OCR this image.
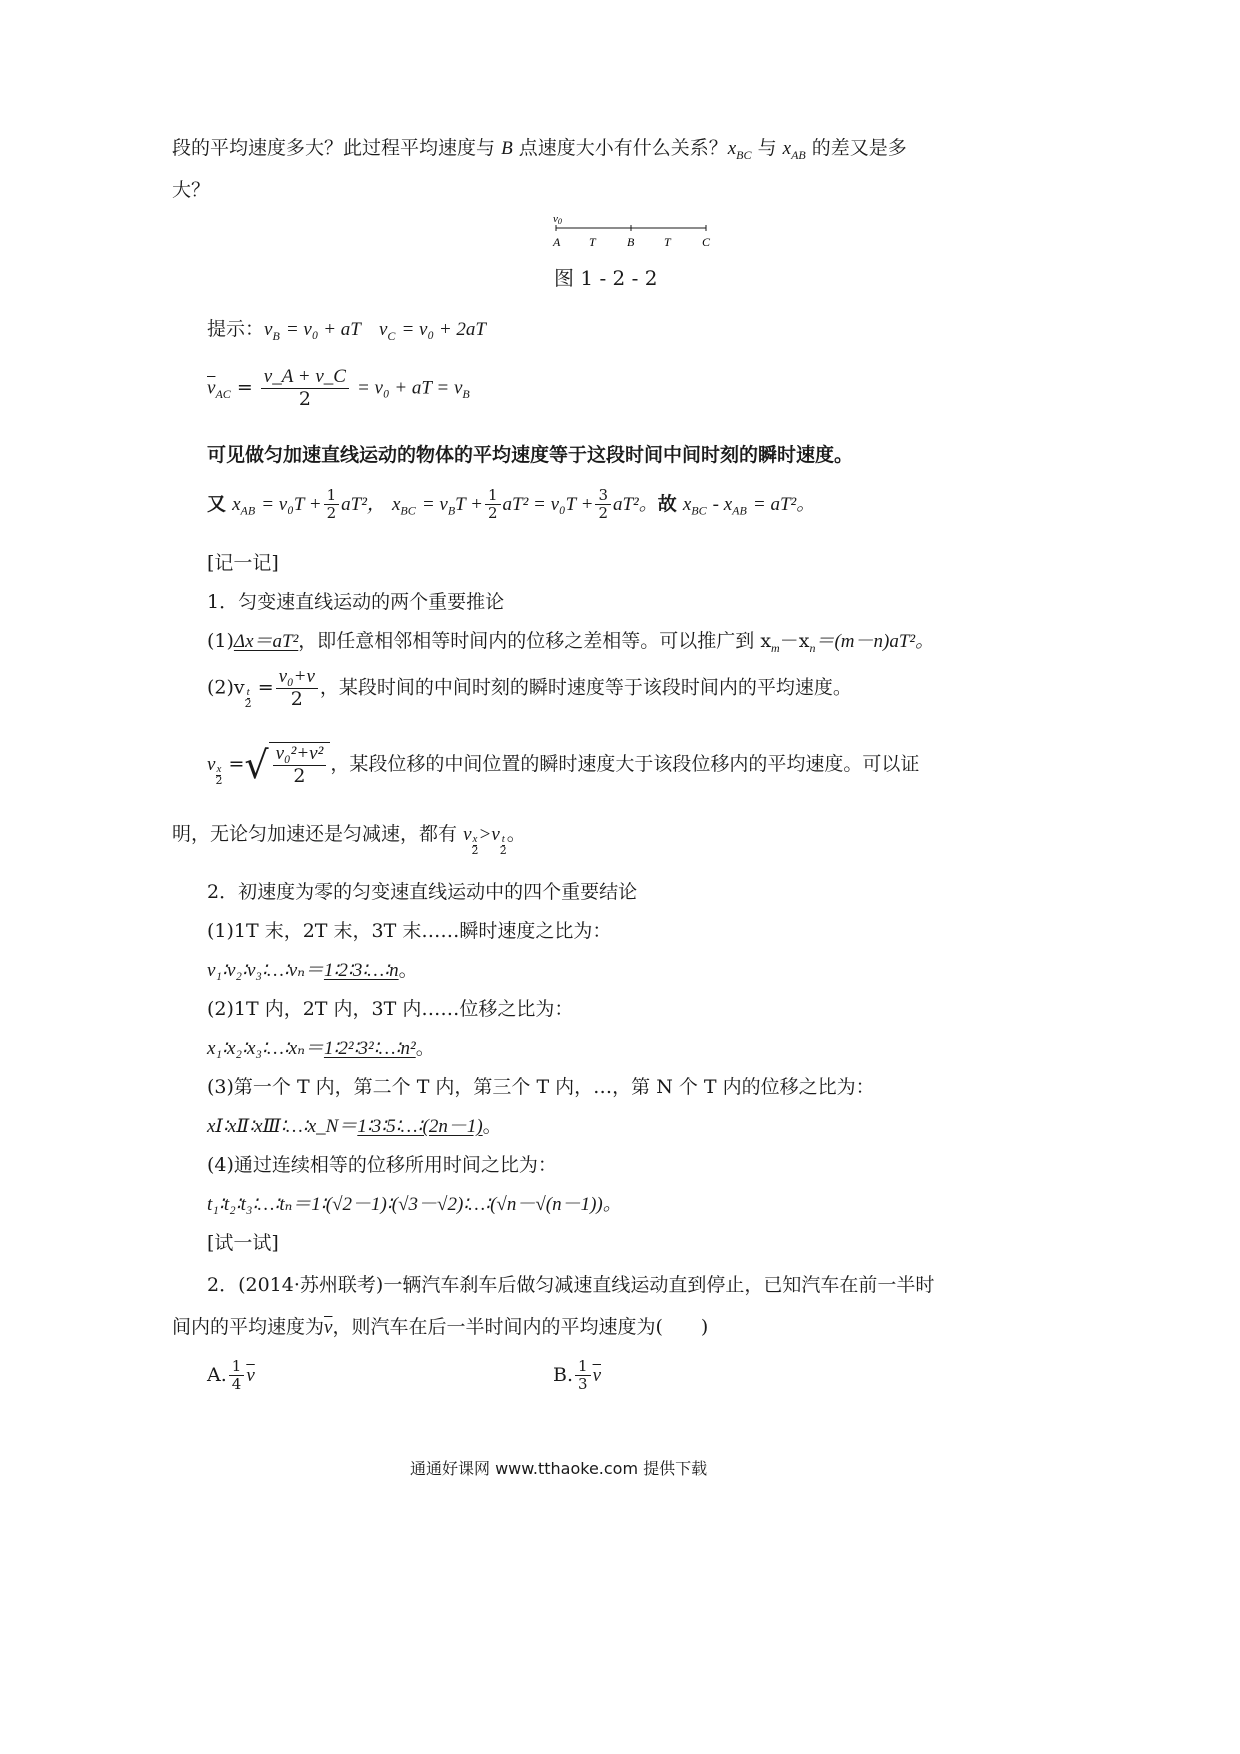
段的平均速度多大？此过程平均速度与 B 点速度大小有什么关系？$x_{BC}$ 与 $x_{AB}$ 的差又是多
大？
v0
A T	B T	C
图 1 - 2 - 2
提示：$v_B = v_0$ + aT $v_C = v_0 + 2aT$
$\overline{v}_{AC} = \frac{v\_A + v\_C}{2} = v_0$ + aT = $v_B$
可见做匀加速直线运动的物体的平均速度等于这段时间中间时刻的瞬时速度。
又 $x_{AB} = v_0T + \frac{1}{2} aT^2$， $x_{BC} = v_BT + \frac{1}{2} aT^2 = v_0T + \frac{3}{2} aT^2$。故 $x_{BC} - x_{AB} = aT^2$。
[记一记]
1．匀变速直线运动的两个重要推论
(1)Δx＝aT²，即任意相邻相等时间内的位移之差相等。可以推广到 $x_m-x_n=(m-n)aT^2$。
$(2)v\frac{t}{2} = \frac{\text{v₀+v}}{2}$ ，某段时间的中间时刻的瞬时速度等于该段时间内的平均速度。
$v\frac{x}{2}$ =√ $\frac{\text{v₀²+v²}}{2}$ ，某段位移的中间位置的瞬时速度大于该段位移内的平均速度。可以证
明，无论匀加速还是匀减速，都有 $v\frac{x}{2} >v\frac{t}{2}$ 。
2．初速度为零的匀变速直线运动中的四个重要结论
(1)1T 末，2T 末，3T 末……瞬时速度之比为：
v₁∶v₂∶v₃∶…∶vₙ＝1∶2∶3∶…∶n。
(2)1T 内，2T 内，3T 内……位移之比为：
x₁∶x₂∶x₃∶…∶xₙ＝1∶2²∶3²∶…∶n²。
(3)第一个 T 内，第二个 T 内，第三个 T 内，…，第 N 个 T 内的位移之比为：
xⅠ∶xⅡ∶xⅢ∶…∶x_N＝1∶3∶5∶…∶(2n－1)。
(4)通过连续相等的位移所用时间之比为：
t₁∶t₂∶t₃∶…∶tₙ＝1∶(√2－1)∶(√3－√2)∶…∶(√n－√(n－1))。
[试一试]
2．(2014·苏州联考)一辆汽车刹车后做匀减速直线运动直到停止，已知汽车在前一半时
间内的平均速度为$\overline{v}$，则汽车在后一半时间内的平均速度为(　　)
A. $\frac{1}{4} \overline{v}$	B. $\frac{1}{3} \overline{v}$
通通好课网 www.tthaoke.com 提供下载
